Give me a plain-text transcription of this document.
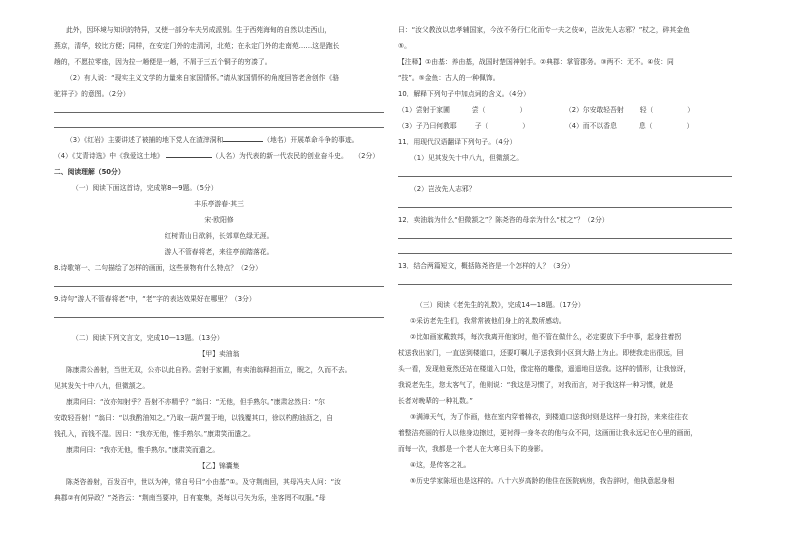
此外，因环境与知识的特异，又使一部分车夫另成派别。生于西苑海甸的自然以走西山，

燕京，清华，较比方便；同样，在安定门外的走清河，北苑；在永定门外的走南苑……这是跑长

趟的，不愿拉零座，因为拉一趟便是一趟，不屑于三五个铜子的穷凑了。

（2）有人说：“现实主义文学的力量来自家国情怀。”请从家国情怀的角度回答老舍创作《骆

驼祥子》的意图。（2分）

（3）《红岩》主要讲述了被捕的地下党人在渣滓洞和	（地名）开展革命斗争的事迹。

（4）《艾青诗选》中《我爱这土地》	（人名）为代表的新一代农民的创业奋斗史。 （2分）

二、阅读理解（50分）

（一）阅读下面这首诗，完成第8—9题。（5分）

丰乐亭游春·其三

宋·欧阳修

红树青山日欲斜，长郊草色绿无涯。

游人不管春将老，来往亭前踏落花。

8.诗歌第一、二句描绘了怎样的画面，这些景物有什么特点？（2分）

9.诗句“游人不管春将老”中，“老”字的表达效果好在哪里？（3分）

（二）阅读下列文言文，完成10—13题。（13分）

【甲】卖油翁

陈康肃公善射，当世无双，公亦以此自矜。尝射于家圃，有卖油翁释担而立，睨之，久而不去。

见其发矢十中八九，但微颔之。

康肃问曰：“汝亦知射乎？吾射不亦精乎？”翁曰：“无他，但手熟尔。”康肃忿然曰：“尔

安敢轻吾射！”翁曰：“以我酌油知之。”乃取一葫芦置于地，以钱覆其口，徐以杓酌油沥之，自

钱孔入，而钱不湿。因曰：“我亦无他，惟手熟尔。”康肃笑而遣之。

康肃问曰：“我亦无他，惟手熟尔。”康肃笑而遣之。

【乙】锦囊集

陈尧咨善射，百发百中，世以为神，常自号曰“小由基”①。及守荆南回，其母冯夫人问：“汝

典郡②有何异政？”尧咨云：“荆南当要冲，日有宴集，尧每以弓矢为乐，坐客罔不叹服。”母

曰：“汝父教汝以忠孝辅国家，今汝不务行仁化而专一夫之伎④，岂汝先人志邪？”杖之，碎其金鱼

⑤。

【注释】①由基：养由基，战国时楚国神射手。②典郡：掌管郡务。③两不：无不。④伎：同

“技”。⑤金鱼：古人的一种佩饰。

10．解释下列句子中加点词的含义。（4分）

（1）尝射于家圃	尝（	）	（2）尔安敢轻吾射 轻（	）
（3）子乃曰何教耶	子（	）	（4）而不以香息	息（	）

11．用现代汉语翻译下列句子。（4分）

（1）见其发矢十中八九，但微颔之。

（2）岂汝先人志邪？

12．卖油翁为什么“但微颔之”？陈尧咨的母亲为什么“杖之”？（2分）

13．结合两篇短文，概括陈尧咨是一个怎样的人？（3分）

（三）阅读《老先生的礼数》，完成14—18题。（17分）

①采访老先生们，我常常被他们身上的礼数所感动。

②比如画家戴敦邦，每次我离开他家时，他不管在做什么，必定要放下手中事，起身拄着拐

杖送我出家门，一直送到楼道口，还要叮嘱儿子送我到小区到大路上为止。即使我走出很远，回

头一看，发现他竟然还站在楼道入口处，像定格的雕像，遥遥地目送我。这样的情形，让我惊讶，

我说老先生，您太客气了，他则说：“我这是习惯了，对我而言，对于我这样一种习惯，就是

长者对晚辈的一种礼数。”

③满漳天气，为了作画，他在室内穿着棉衣，到楼道口送我时则是这样一身打扮，来来往往衣

着整洁亮丽的行人以他身边擦过，更衬得一身冬衣的他与众不同，这画面让我永远记在心里的画面，

而每一次，我都是一个老人在大寒日头下的身影。

④这，是传客之礼。

⑤历史学家陈垣也是这样的。八十六岁高龄的他住在医院病房，我告辞时，他执意起身相
